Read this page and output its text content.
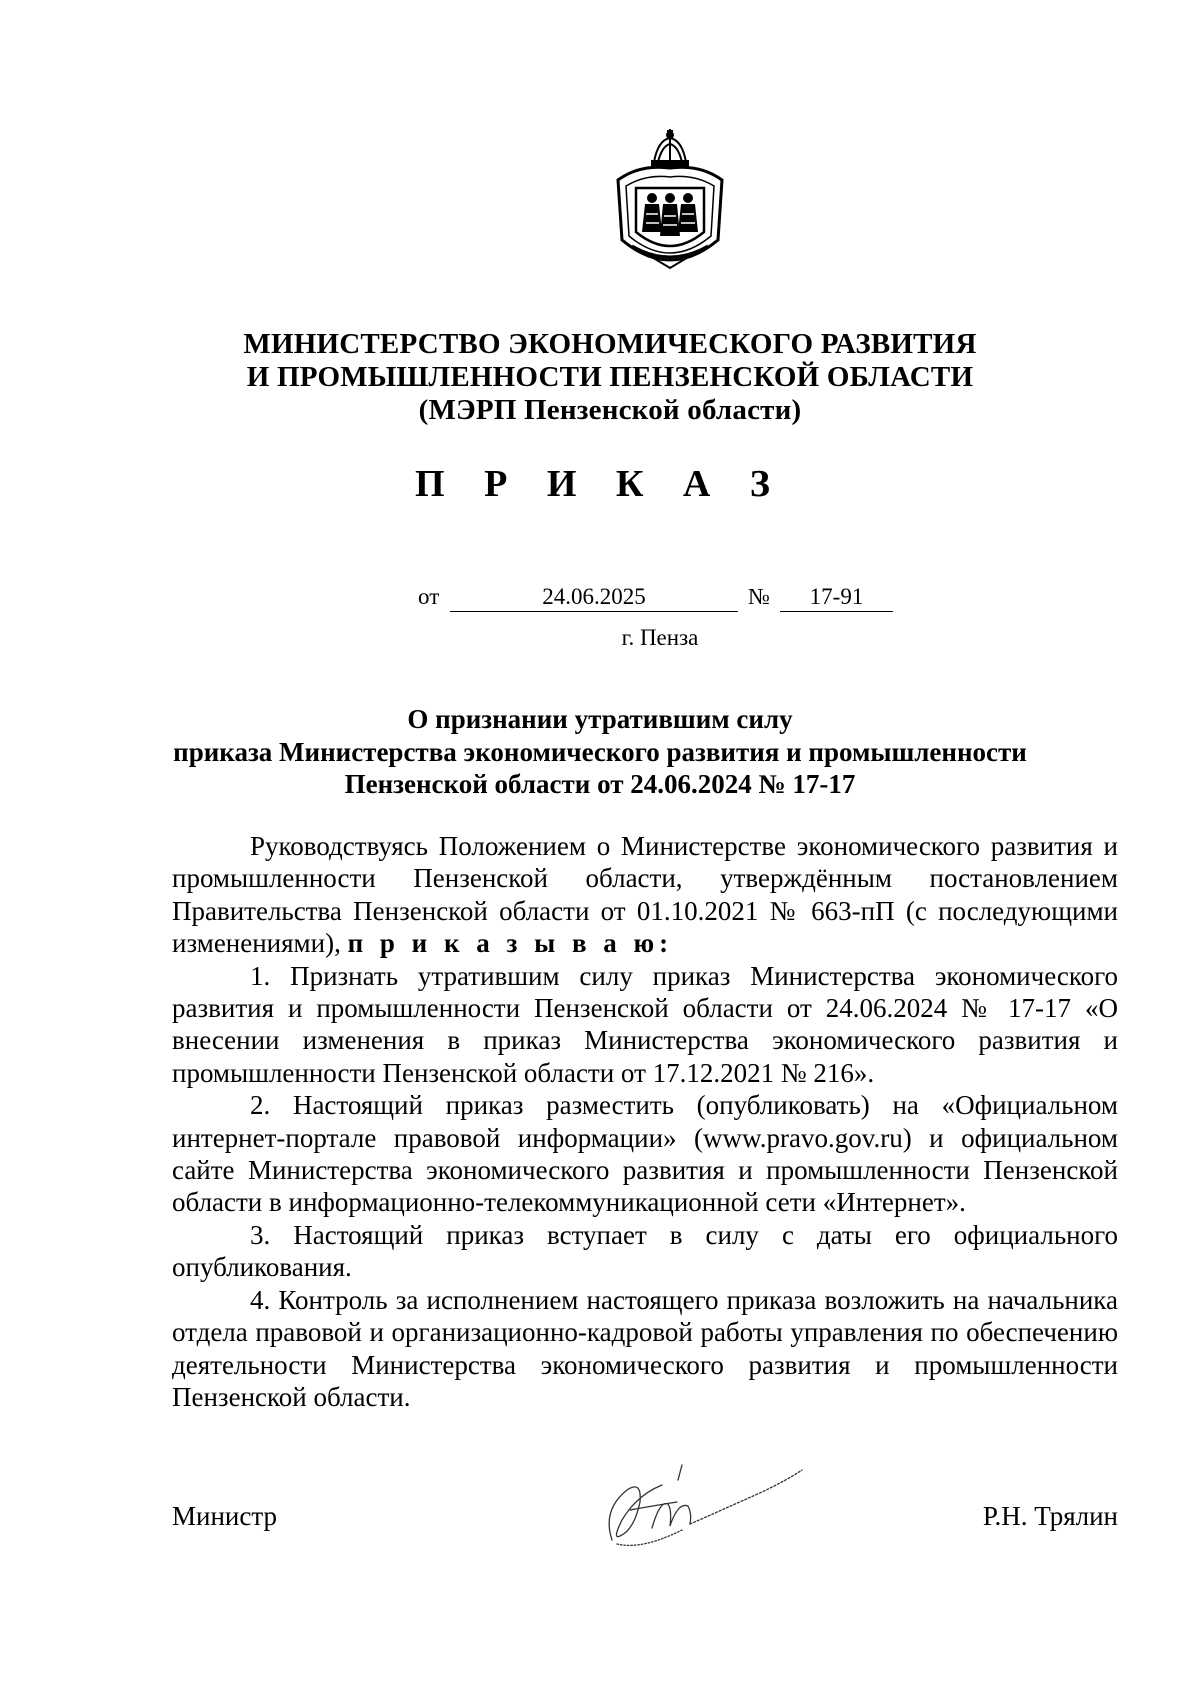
МИНИСТЕРСТВО ЭКОНОМИЧЕСКОГО РАЗВИТИЯ
И ПРОМЫШЛЕННОСТИ ПЕНЗЕНСКОЙ ОБЛАСТИ
(МЭРП Пензенской области)
П Р И К А З
от	24.06.2025	№	17-91
г. Пенза
О признании утратившим силу
приказа Министерства экономического развития и промышленности
Пензенской области от 24.06.2024 № 17-17

Руководствуясь Положением о Министерстве экономического развития и промышленности Пензенской области, утверждённым постановлением Правительства Пензенской области от 01.10.2021 № 663-пП (с последующими изменениями), п р и к а з ы в а ю:

1. Признать утратившим силу приказ Министерства экономического развития и промышленности Пензенской области от 24.06.2024 № 17-17 «О внесении изменения в приказ Министерства экономического развития и промышленности Пензенской области от 17.12.2021 № 216».

2. Настоящий приказ разместить (опубликовать) на «Официальном интернет-портале правовой информации» (www.pravo.gov.ru) и официальном сайте Министерства экономического развития и промышленности Пензенской области в информационно-телекоммуникационной сети «Интернет».

3. Настоящий приказ вступает в силу с даты его официального опубликования.

4. Контроль за исполнением настоящего приказа возложить на начальника отдела правовой и организационно-кадровой работы управления по обеспечению деятельности Министерства экономического развития и промышленности Пензенской области.

Министр	Р.Н. Трялин
